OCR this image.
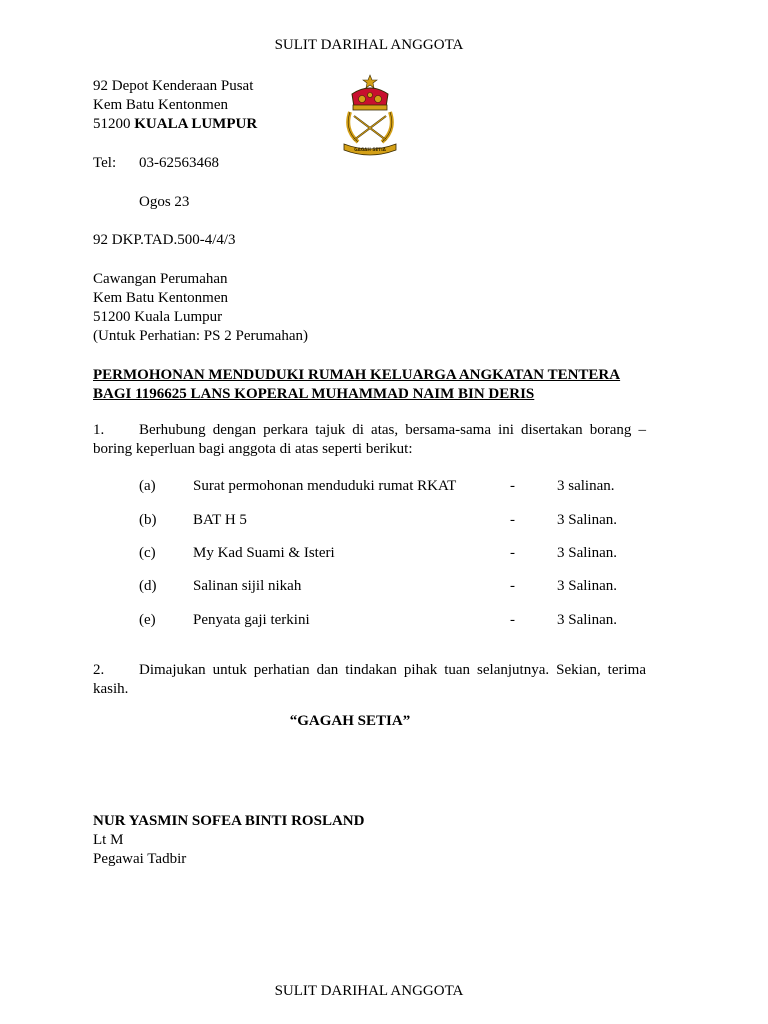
SULIT DARIHAL ANGGOTA
92 Depot Kenderaan Pusat
Kem Batu Kentonmen
51200 KUALA LUMPUR
GAGAH SETIA
Tel: 03-62563468
Ogos 23
92 DKP.TAD.500-4/4/3
Cawangan Perumahan
Kem Batu Kentonmen
51200 Kuala Lumpur
(Untuk Perhatian: PS 2 Perumahan)
PERMOHONAN MENDUDUKI RUMAH KELUARGA ANGKATAN TENTERA
BAGI 1196625 LANS KOPERAL MUHAMMAD NAIM BIN DERIS
1. Berhubung dengan perkara tajuk di atas, bersama-sama ini disertakan borang –
boring keperluan bagi anggota di atas seperti berikut:
(a) Surat permohonan menduduki rumat RKAT	-	3 salinan.
(b) BAT H 5	-	3 Salinan.
(c) My Kad Suami & Isteri	-	3 Salinan.
(d) Salinan sijil nikah	-	3 Salinan.
(e) Penyata gaji terkini	-	3 Salinan.
2. Dimajukan untuk perhatian dan tindakan pihak tuan selanjutnya. Sekian, terima
kasih.
“GAGAH SETIA”
NUR YASMIN SOFEA BINTI ROSLAND
Lt M
Pegawai Tadbir
SULIT DARIHAL ANGGOTA
